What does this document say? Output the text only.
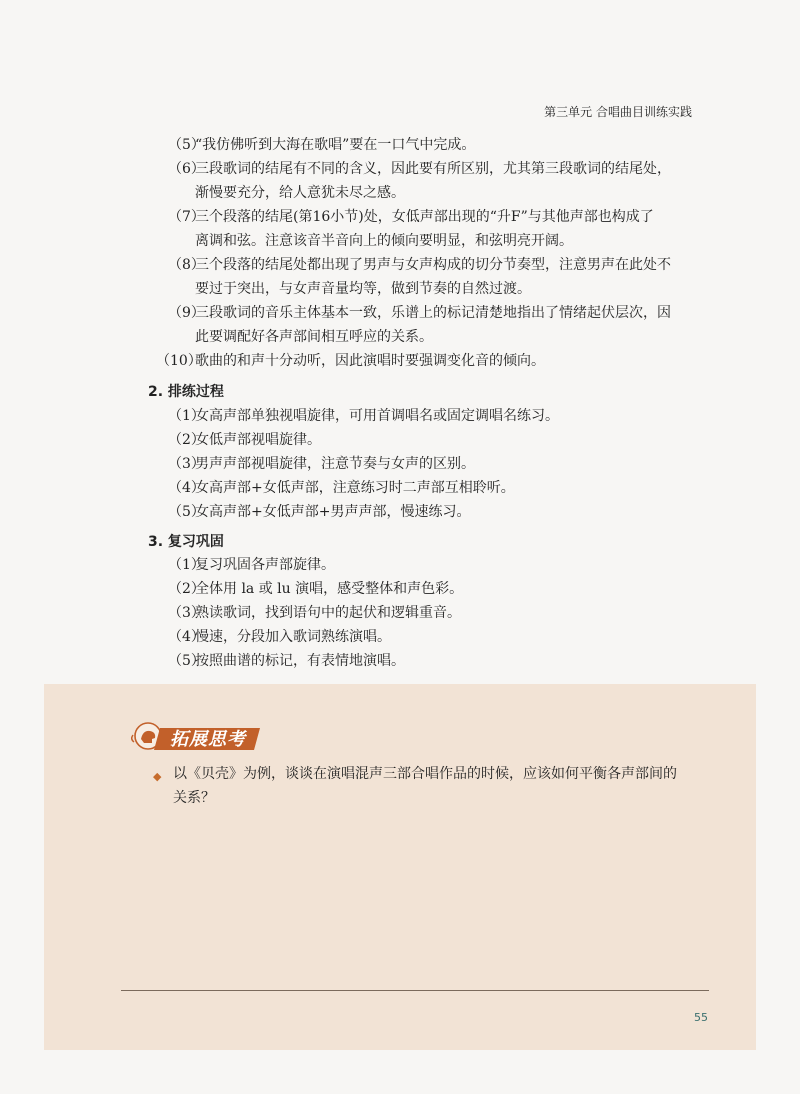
第三单元 合唱曲目训练实践
（5）
“我仿佛听到大海在歌唱”要在一口气中完成。
（6）
三段歌词的结尾有不同的含义，因此要有所区别，尤其第三段歌词的结尾处，
渐慢要充分，给人意犹未尽之感。
（7）
三个段落的结尾(第16小节)处，女低声部出现的“升F”与其他声部也构成了
离调和弦。注意该音半音向上的倾向要明显，和弦明亮开阔。
（8）
三个段落的结尾处都出现了男声与女声构成的切分节奏型，注意男声在此处不
要过于突出，与女声音量均等，做到节奏的自然过渡。
（9）
三段歌词的音乐主体基本一致，乐谱上的标记清楚地指出了情绪起伏层次，因
此要调配好各声部间相互呼应的关系。
（10）
歌曲的和声十分动听，因此演唱时要强调变化音的倾向。
2. 排练过程
（1）
女高声部单独视唱旋律，可用首调唱名或固定调唱名练习。
（2）
女低声部视唱旋律。
（3）
男声声部视唱旋律，注意节奏与女声的区别。
（4）
女高声部+女低声部，注意练习时二声部互相聆听。
（5）
女高声部+女低声部+男声声部，慢速练习。
3. 复习巩固
（1）
复习巩固各声部旋律。
（2）
全体用 la 或 lu 演唱，感受整体和声色彩。
（3）
熟读歌词，找到语句中的起伏和逻辑重音。
（4）
慢速，分段加入歌词熟练演唱。
（5）
按照曲谱的标记，有表情地演唱。
拓展思考
◆ 以《贝壳》为例，谈谈在演唱混声三部合唱作品的时候，应该如何平衡各声部间的
关系？
55
